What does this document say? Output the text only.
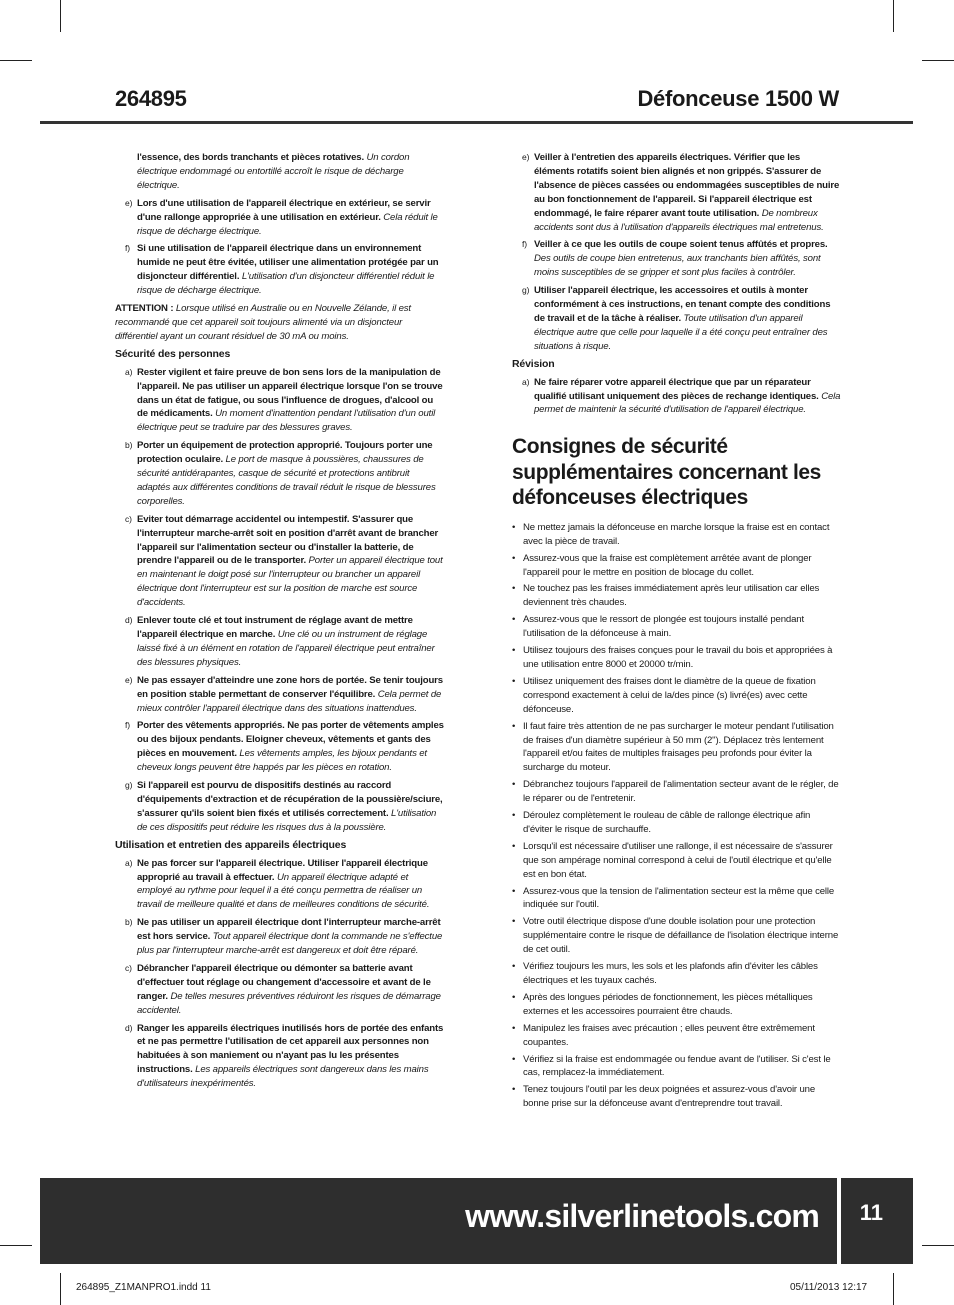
264895	Défonceuse 1500 W
l'essence, des bords tranchants et pièces rotatives. Un cordon électrique endommagé ou entortillé accroît le risque de décharge électrique.
e) Lors d'une utilisation de l'appareil électrique en extérieur, se servir d'une rallonge appropriée à une utilisation en extérieur. Cela réduit le risque de décharge électrique.
f) Si une utilisation de l'appareil électrique dans un environnement humide ne peut être évitée, utiliser une alimentation protégée par un disjoncteur différentiel. L'utilisation d'un disjoncteur différentiel réduit le risque de décharge électrique.
ATTENTION : Lorsque utilisé en Australie ou en Nouvelle Zélande, il est recommandé que cet appareil soit toujours alimenté via un disjoncteur différentiel ayant un courant résiduel de 30 mA ou moins.
Sécurité des personnes
a) Rester vigilent et faire preuve de bon sens lors de la manipulation de l'appareil. Ne pas utiliser un appareil électrique lorsque l'on se trouve dans un état de fatigue, ou sous l'influence de drogues, d'alcool ou de médicaments. Un moment d'inattention pendant l'utilisation d'un outil électrique peut se traduire par des blessures graves.
b) Porter un équipement de protection approprié. Toujours porter une protection oculaire. Le port de masque à poussières, chaussures de sécurité antidérapantes, casque de sécurité et protections antibruit adaptés aux différentes conditions de travail réduit le risque de blessures corporelles.
c) Eviter tout démarrage accidentel ou intempestif. S'assurer que l'interrupteur marche-arrêt soit en position d'arrêt avant de brancher l'appareil sur l'alimentation secteur ou d'installer la batterie, de prendre l'appareil ou de le transporter. Porter un appareil électrique tout en maintenant le doigt posé sur l'interrupteur ou brancher un appareil électrique dont l'interrupteur est sur la position de marche est source d'accidents.
d) Enlever toute clé et tout instrument de réglage avant de mettre l'appareil électrique en marche. Une clé ou un instrument de réglage laissé fixé à un élément en rotation de l'appareil électrique peut entraîner des blessures physiques.
e) Ne pas essayer d'atteindre une zone hors de portée. Se tenir toujours en position stable permettant de conserver l'équilibre. Cela permet de mieux contrôler l'appareil électrique dans des situations inattendues.
f) Porter des vêtements appropriés. Ne pas porter de vêtements amples ou des bijoux pendants. Eloigner cheveux, vêtements et gants des pièces en mouvement. Les vêtements amples, les bijoux pendants et cheveux longs peuvent être happés par les pièces en rotation.
g) Si l'appareil est pourvu de dispositifs destinés au raccord d'équipements d'extraction et de récupération de la poussière/sciure, s'assurer qu'ils soient bien fixés et utilisés correctement. L'utilisation de ces dispositifs peut réduire les risques dus à la poussière.
Utilisation et entretien des appareils électriques
a) Ne pas forcer sur l'appareil électrique. Utiliser l'appareil électrique approprié au travail à effectuer. Un appareil électrique adapté et employé au rythme pour lequel il a été conçu permettra de réaliser un travail de meilleure qualité et dans de meilleures conditions de sécurité.
b) Ne pas utiliser un appareil électrique dont l'interrupteur marche-arrêt est hors service. Tout appareil électrique dont la commande ne s'effectue plus par l'interrupteur marche-arrêt est dangereux et doit être réparé.
c) Débrancher l'appareil électrique ou démonter sa batterie avant d'effectuer tout réglage ou changement d'accessoire et avant de le ranger. De telles mesures préventives réduiront les risques de démarrage accidentel.
d) Ranger les appareils électriques inutilisés hors de portée des enfants et ne pas permettre l'utilisation de cet appareil aux personnes non habituées à son maniement ou n'ayant pas lu les présentes instructions. Les appareils électriques sont dangereux dans les mains d'utilisateurs inexpérimentés.
e) Veiller à l'entretien des appareils électriques. Vérifier que les éléments rotatifs soient bien alignés et non grippés. S'assurer de l'absence de pièces cassées ou endommagées susceptibles de nuire au bon fonctionnement de l'appareil. Si l'appareil électrique est endommagé, le faire réparer avant toute utilisation. De nombreux accidents sont dus à l'utilisation d'appareils électriques mal entretenus.
f) Veiller à ce que les outils de coupe soient tenus affûtés et propres. Des outils de coupe bien entretenus, aux tranchants bien affûtés, sont moins susceptibles de se gripper et sont plus faciles à contrôler.
g) Utiliser l'appareil électrique, les accessoires et outils à monter conformément à ces instructions, en tenant compte des conditions de travail et de la tâche à réaliser. Toute utilisation d'un appareil électrique autre que celle pour laquelle il a été conçu peut entraîner des situations à risque.
Révision
a) Ne faire réparer votre appareil électrique que par un réparateur qualifié utilisant uniquement des pièces de rechange identiques. Cela permet de maintenir la sécurité d'utilisation de l'appareil électrique.
Consignes de sécurité supplémentaires concernant les défonceuses électriques
• Ne mettez jamais la défonceuse en marche lorsque la fraise est en contact avec la pièce de travail.
• Assurez-vous que la fraise est complètement arrêtée avant de plonger l'appareil pour le mettre en position de blocage du collet.
• Ne touchez pas les fraises immédiatement après leur utilisation car elles deviennent très chaudes.
• Assurez-vous que le ressort de plongée est toujours installé pendant l'utilisation de la défonceuse à main.
• Utilisez toujours des fraises conçues pour le travail du bois et appropriées à une utilisation entre 8000 et 20000 tr/min.
• Utilisez uniquement des fraises dont le diamètre de la queue de fixation correspond exactement à celui de la/des pince (s) livré(es) avec cette défonceuse.
• Il faut faire très attention de ne pas surcharger le moteur pendant l'utilisation de fraises d'un diamètre supérieur à 50 mm (2"). Déplacez très lentement l'appareil et/ou faites de multiples fraisages peu profonds pour éviter la surcharge du moteur.
• Débranchez toujours l'appareil de l'alimentation secteur avant de le régler, de le réparer ou de l'entretenir.
• Déroulez complètement le rouleau de câble de rallonge électrique afin d'éviter le risque de surchauffe.
• Lorsqu'il est nécessaire d'utiliser une rallonge, il est nécessaire de s'assurer que son ampérage nominal correspond à celui de l'outil électrique et qu'elle est en bon état.
• Assurez-vous que la tension de l'alimentation secteur est la même que celle indiquée sur l'outil.
• Votre outil électrique dispose d'une double isolation pour une protection supplémentaire contre le risque de défaillance de l'isolation électrique interne de cet outil.
• Vérifiez toujours les murs, les sols et les plafonds afin d'éviter les câbles électriques et les tuyaux cachés.
• Après des longues périodes de fonctionnement, les pièces métalliques externes et les accessoires pourraient être chauds.
• Manipulez les fraises avec précaution ; elles peuvent être extrêmement coupantes.
• Vérifiez si la fraise est endommagée ou fendue avant de l'utiliser. Si c'est le cas, remplacez-la immédiatement.
• Tenez toujours l'outil par les deux poignées et assurez-vous d'avoir une bonne prise sur la défonceuse avant d'entreprendre tout travail.
www.silverlinetools.com 11
264895_Z1MANPRO1.indd 11	05/11/2013 12:17
